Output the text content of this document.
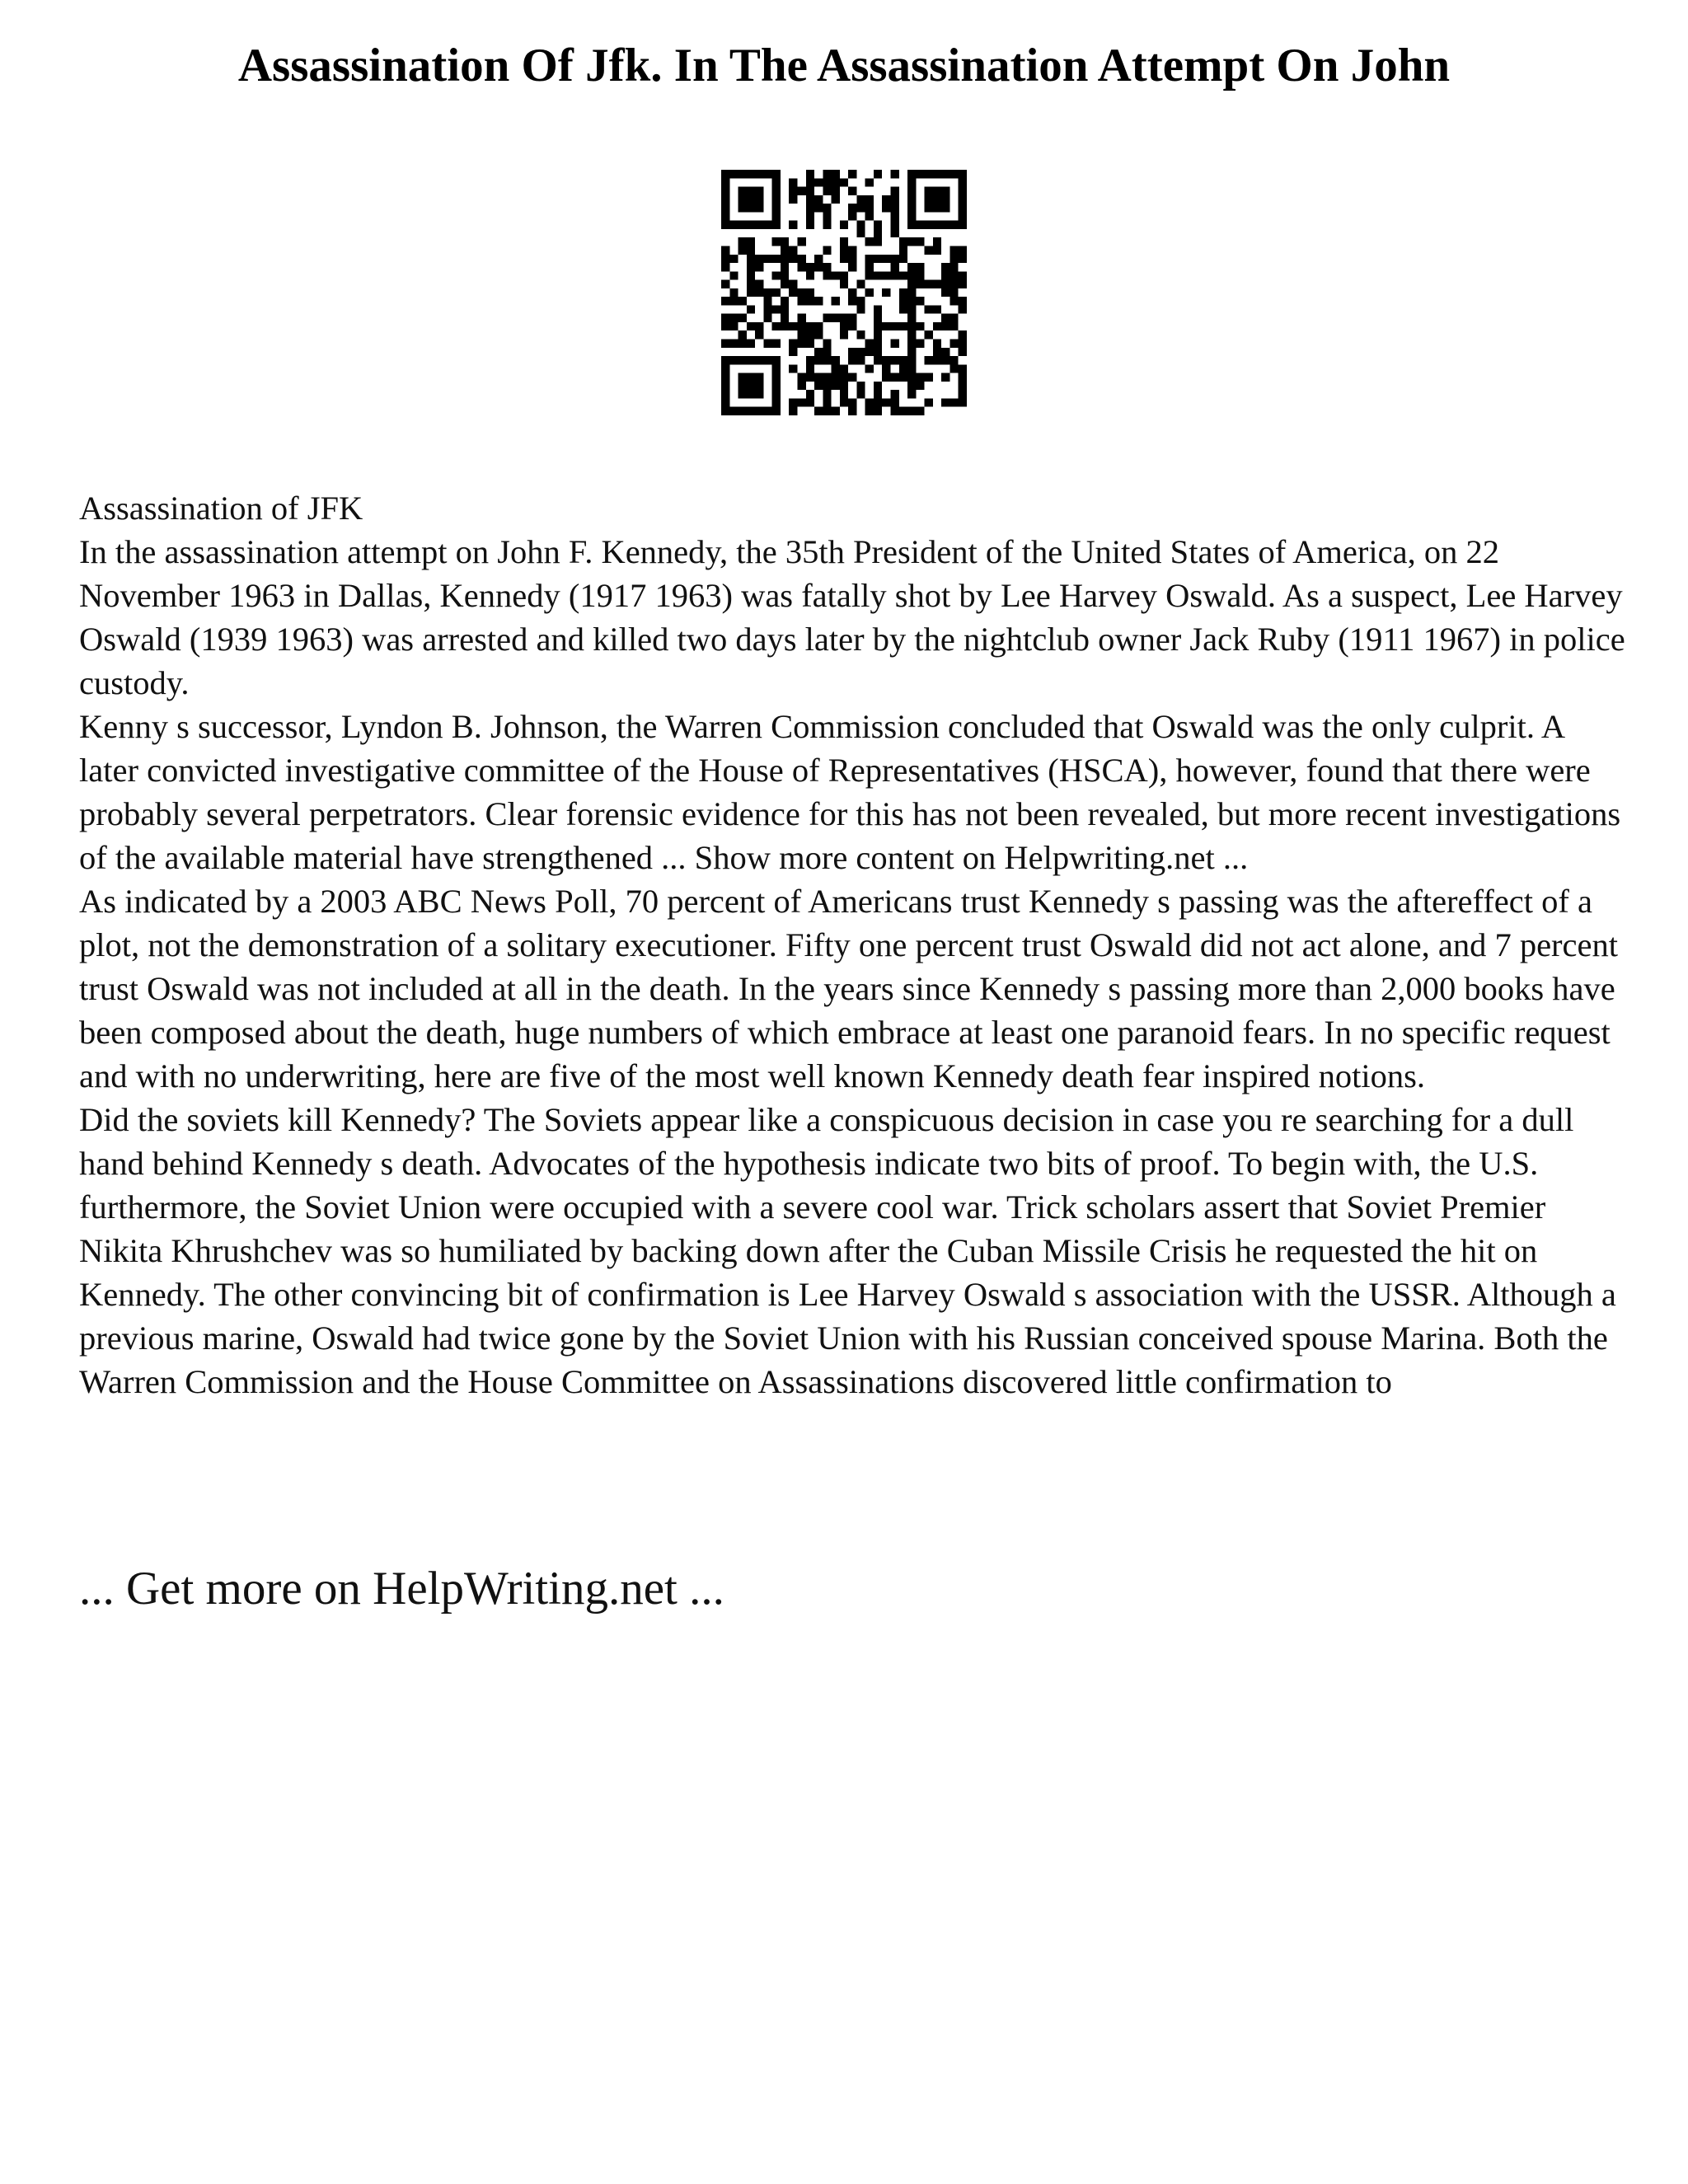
Assassination Of Jfk. In The Assassination Attempt On John

Assassination of JFK

In the assassination attempt on John F. Kennedy, the 35th President of the United States of America, on 22 November 1963 in Dallas, Kennedy (1917 1963) was fatally shot by Lee Harvey Oswald. As a suspect, Lee Harvey Oswald (1939 1963) was arrested and killed two days later by the nightclub owner Jack Ruby (1911 1967) in police custody.

Kenny s successor, Lyndon B. Johnson, the Warren Commission concluded that Oswald was the only culprit. A later convicted investigative committee of the House of Representatives (HSCA), however, found that there were probably several perpetrators. Clear forensic evidence for this has not been revealed, but more recent investigations of the available material have strengthened ... Show more content on Helpwriting.net ...

As indicated by a 2003 ABC News Poll, 70 percent of Americans trust Kennedy s passing was the aftereffect of a plot, not the demonstration of a solitary executioner. Fifty one percent trust Oswald did not act alone, and 7 percent trust Oswald was not included at all in the death. In the years since Kennedy s passing more than 2,000 books have been composed about the death, huge numbers of which embrace at least one paranoid fears. In no specific request and with no underwriting, here are five of the most well known Kennedy death fear inspired notions.

Did the soviets kill Kennedy? The Soviets appear like a conspicuous decision in case you re searching for a dull hand behind Kennedy s death. Advocates of the hypothesis indicate two bits of proof. To begin with, the U.S. furthermore, the Soviet Union were occupied with a severe cool war. Trick scholars assert that Soviet Premier Nikita Khrushchev was so humiliated by backing down after the Cuban Missile Crisis he requested the hit on Kennedy. The other convincing bit of confirmation is Lee Harvey Oswald s association with the USSR. Although a previous marine, Oswald had twice gone by the Soviet Union with his Russian conceived spouse Marina. Both the Warren Commission and the House Committee on Assassinations discovered little confirmation to

... Get more on HelpWriting.net ...
